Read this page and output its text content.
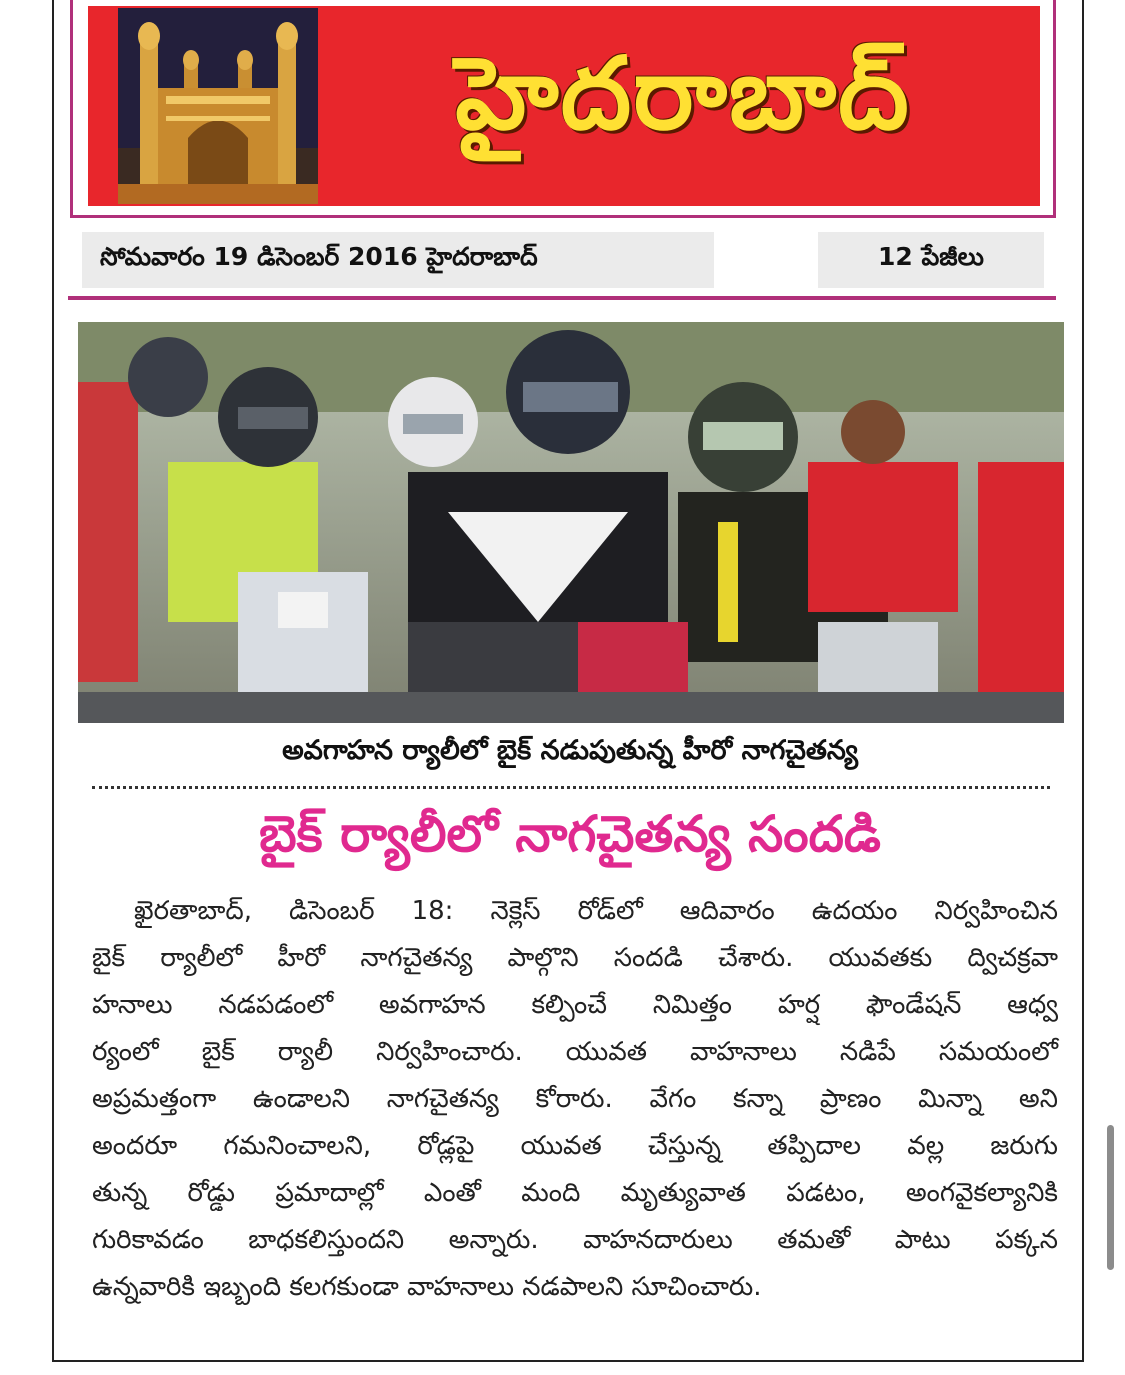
హైదరాబాద్
సోమవారం 19 డిసెంబర్ 2016 హైదరాబాద్	12 పేజీలు
అవగాహన ర్యాలీలో బైక్ నడుపుతున్న హీరో నాగచైతన్య
బైక్ ర్యాలీలో నాగచైతన్య సందడి
ఖైరతాబాద్, డిసెంబర్ 18: నెక్లెస్ రోడ్‌లో ఆదివారం ఉదయం నిర్వహించిన
బైక్ ర్యాలీలో హీరో నాగచైతన్య పాల్గొని సందడి చేశారు. యువతకు ద్విచక్రవా
హనాలు నడపడంలో అవగాహన కల్పించే నిమిత్తం హర్ష ఫౌండేషన్ ఆధ్వ
ర్యంలో బైక్ ర్యాలీ నిర్వహించారు. యువత వాహనాలు నడిపే సమయంలో
అప్రమత్తంగా ఉండాలని నాగచైతన్య కోరారు. వేగం కన్నా ప్రాణం మిన్నా అని
అందరూ గమనించాలని, రోడ్లపై యువత చేస్తున్న తప్పిదాల వల్ల జరుగు
తున్న రోడ్డు ప్రమాదాల్లో ఎంతో మంది మృత్యువాత పడటం, అంగవైకల్యానికి
గురికావడం బాధకలిస్తుందని అన్నారు. వాహనదారులు తమతో పాటు పక్కన
ఉన్నవారికి ఇబ్బంది కలగకుండా వాహనాలు నడపాలని సూచించారు.
